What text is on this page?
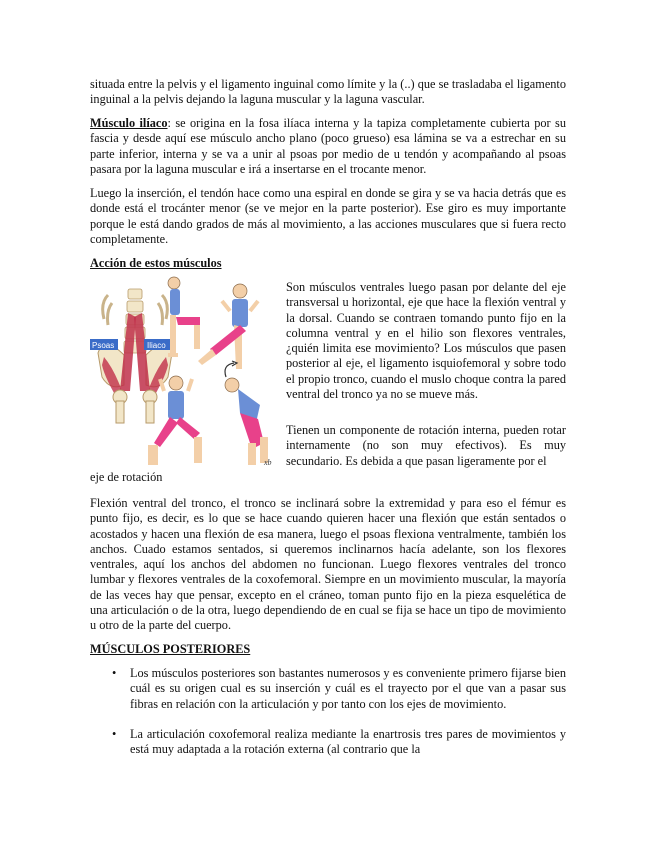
situada entre la pelvis y el ligamento inguinal como límite y la (..) que se trasladaba el ligamento inguinal a la pelvis dejando la laguna muscular y la laguna vascular.

Músculo ilíaco: se origina en la fosa ilíaca interna y la tapiza completamente cubierta por su fascia y desde aquí ese músculo ancho plano (poco grueso) esa lámina se va a estrechar en su parte inferior, interna y se va a unir al psoas por medio de u tendón y acompañando al psoas pasara por la laguna muscular e irá a insertarse en el trocante menor.

Luego la inserción, el tendón hace como una espiral en donde se gira y se va hacia detrás que es donde está el trocánter menor (se ve mejor en la parte posterior). Ese giro es muy importante porque le está dando grados de más al movimiento, a las acciones musculares que si fuera recto completamente.

Acción de estos músculos
Psoas	Iliaco
xb

Son músculos ventrales luego pasan por delante del eje transversal u horizontal, eje que hace la flexión ventral y la dorsal. Cuando se contraen tomando punto fijo en la columna ventral y en el hilio son flexores ventrales, ¿quién limita ese movimiento? Los músculos que pasen posterior al eje, el ligamento isquiofemoral y sobre todo el propio tronco, cuando el muslo choque contra la pared ventral del tronco ya no se mueve más.

Tienen un componente de rotación interna, pueden rotar internamente (no son muy efectivos). Es muy secundario. Es debida a que pasan ligeramente por el

eje de rotación

Flexión ventral del tronco, el tronco se inclinará sobre la extremidad y para eso el fémur es punto fijo, es decir, es lo que se hace cuando quieren hacer una flexión que están sentados o acostados y hacen una flexión de esa manera, luego el psoas flexiona ventralmente, también los anchos. Cuado estamos sentados, si queremos inclinarnos hacía adelante, son los flexores ventrales, aquí los anchos del abdomen no funcionan. Luego flexores ventrales del tronco lumbar y flexores ventrales de la coxofemoral. Siempre en un movimiento muscular, la mayoría de las veces hay que pensar, excepto en el cráneo, toman punto fijo en la pieza esquelética de una articulación o de la otra, luego dependiendo de en cual se fija se hace un tipo de movimiento u otro de la parte del cuerpo.

MÚSCULOS POSTERIORES
• Los músculos posteriores son bastantes numerosos y es conveniente primero fijarse bien cuál es su origen cual es su inserción y cuál es el trayecto por el que van a pasar sus fibras en relación con la articulación y por tanto con los ejes de movimiento.
• La articulación coxofemoral realiza mediante la enartrosis tres pares de movimientos y está muy adaptada a la rotación externa (al contrario que la
